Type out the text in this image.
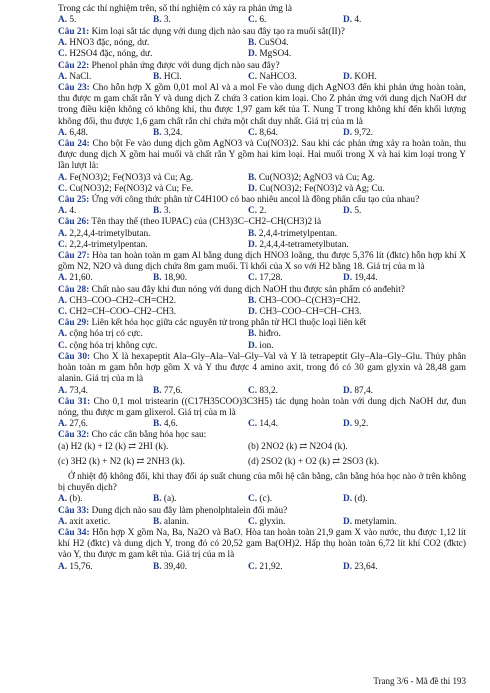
Trong các thí nghiệm trên, số thí nghiệm có xảy ra phản ứng là
A. 5.	B. 3.	C. 6.	D. 4.
Câu 21: Kim loại sắt tác dụng với dung dịch nào sau đây tạo ra muối sắt(II)?
A. HNO3 đặc, nóng, dư.	B. CuSO4.
C. H2SO4 đặc, nóng, dư.	D. MgSO4.
Câu 22: Phenol phản ứng được với dung dịch nào sau đây?
A. NaCl.	B. HCl.	C. NaHCO3.	D. KOH.
Câu 23: Cho hỗn hợp X gồm 0,01 mol Al và a mol Fe vào dung dịch AgNO3 đến khi phản ứng hoàn toàn, thu được m gam chất rắn Y và dung dịch Z chứa 3 cation kim loại. Cho Z phản ứng với dung dịch NaOH dư trong điều kiện không có không khí, thu được 1,97 gam kết tủa T. Nung T trong không khí đến khối lượng không đổi, thu được 1,6 gam chất rắn chỉ chứa một chất duy nhất. Giá trị của m là
A. 6,48.	B. 3,24.	C. 8,64.	D. 9,72.
Câu 24: Cho bột Fe vào dung dịch gồm AgNO3 và Cu(NO3)2. Sau khi các phản ứng xảy ra hoàn toàn, thu được dung dịch X gồm hai muối và chất rắn Y gồm hai kim loại. Hai muối trong X và hai kim loại trong Y lần lượt là:
A. Fe(NO3)2; Fe(NO3)3 và Cu; Ag.	B. Cu(NO3)2; AgNO3 và Cu; Ag.
C. Cu(NO3)2; Fe(NO3)2 và Cu; Fe.	D. Cu(NO3)2; Fe(NO3)2 và Ag; Cu.
Câu 25: Ứng với công thức phân tử C4H10O có bao nhiêu ancol là đồng phân cấu tạo của nhau?
A. 4.	B. 3.	C. 2.	D. 5.
Câu 26: Tên thay thế (theo IUPAC) của (CH3)3C–CH2–CH(CH3)2 là
A. 2,2,4,4-trimetylbutan.	B. 2,4,4-trimetylpentan.
C. 2,2,4-trimetylpentan.	D. 2,4,4,4-tetrametylbutan.
Câu 27: Hòa tan hoàn toàn m gam Al bằng dung dịch HNO3 loãng, thu được 5,376 lít (đktc) hỗn hợp khí X gồm N2, N2O và dung dịch chứa 8m gam muối. Tỉ khối của X so với H2 bằng 18. Giá trị của m là
A. 21,60.	B. 18,90.	C. 17,28.	D. 19,44.
Câu 28: Chất nào sau đây khi đun nóng với dung dịch NaOH thu được sản phẩm có anđehit?
A. CH3–COO–CH2–CH=CH2.	B. CH3–COO–C(CH3)=CH2.
C. CH2=CH–COO–CH2–CH3.	D. CH3–COO–CH=CH–CH3.
Câu 29: Liên kết hóa học giữa các nguyên tử trong phân tử HCl thuộc loại liên kết
A. cộng hóa trị có cực.	B. hiđro.
C. cộng hóa trị không cực.	D. ion.
Câu 30: Cho X là hexapeptit Ala–Gly–Ala–Val–Gly–Val và Y là tetrapeptit Gly–Ala–Gly–Glu. Thủy phân hoàn toàn m gam hỗn hợp gồm X và Y thu được 4 amino axit, trong đó có 30 gam glyxin và 28,48 gam alanin. Giá trị của m là
A. 73,4.	B. 77,6.	C. 83,2.	D. 87,4.
Câu 31: Cho 0,1 mol tristearin ((C17H35COO)3C3H5) tác dụng hoàn toàn với dung dịch NaOH dư, đun nóng, thu được m gam glixerol. Giá trị của m là
A. 27,6.	B. 4,6.	C. 14,4.	D. 9,2.
Câu 32: Cho các cân bằng hóa học sau:
(a) H2 (k) + I2 (k) ⇄ 2HI (k).	(b) 2NO2 (k) ⇄ N2O4 (k).
(c) 3H2 (k) + N2 (k) ⇄ 2NH3 (k).	(d) 2SO2 (k) + O2 (k) ⇄ 2SO3 (k).
Ở nhiệt độ không đổi, khi thay đổi áp suất chung của mỗi hệ cân bằng, cân bằng hóa học nào ở trên không bị chuyển dịch?
A. (b).	B. (a).	C. (c).	D. (d).
Câu 33: Dung dịch nào sau đây làm phenolphtalein đổi màu?
A. axit axetic.	B. alanin.	C. glyxin.	D. metylamin.
Câu 34: Hỗn hợp X gồm Na, Ba, Na2O và BaO. Hòa tan hoàn toàn 21,9 gam X vào nước, thu được 1,12 lít khí H2 (đktc) và dung dịch Y, trong đó có 20,52 gam Ba(OH)2. Hấp thụ hoàn toàn 6,72 lít khí CO2 (đktc) vào Y, thu được m gam kết tủa. Giá trị của m là
A. 15,76.	B. 39,40.	C. 21,92.	D. 23,64.
Trang 3/6 - Mã đề thi 193
